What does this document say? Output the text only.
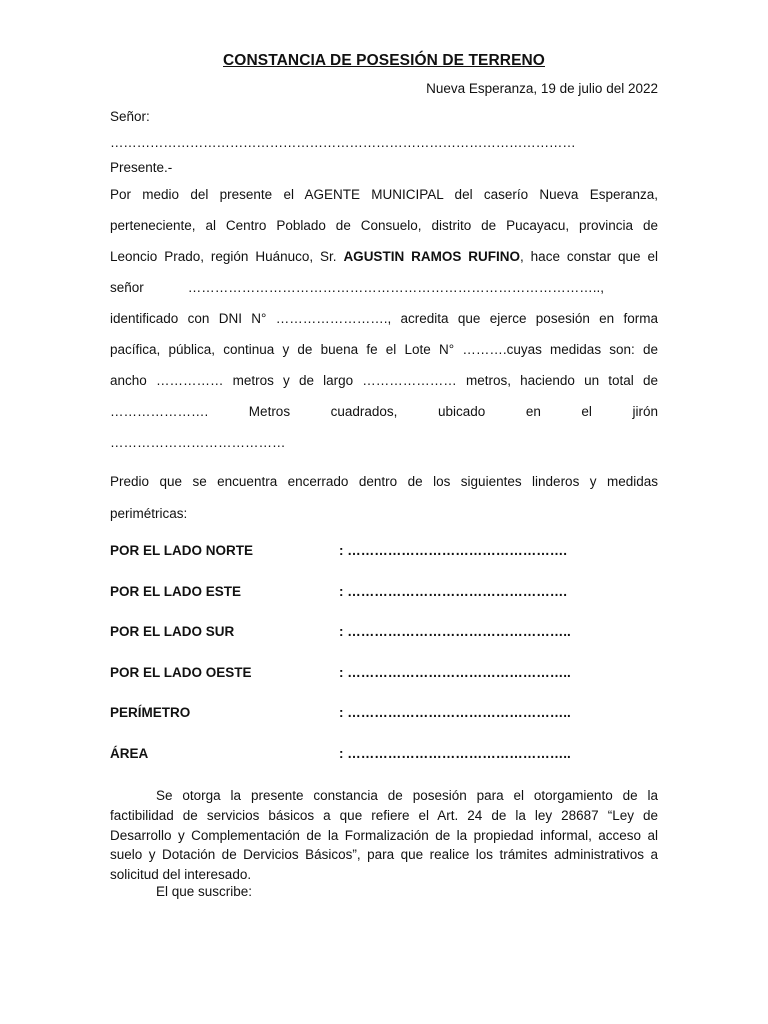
CONSTANCIA DE POSESIÓN DE TERRENO
Nueva Esperanza, 19 de julio del 2022
Señor:
……………………………………………………………………………………………
Presente.-
Por medio del presente el AGENTE MUNICIPAL del caserío Nueva Esperanza,
perteneciente, al Centro Poblado de Consuelo, distrito de Pucayacu, provincia de
Leoncio Prado, región Huánuco, Sr. AGUSTIN RAMOS RUFINO, hace constar que el
señor	………………………………………………………………………………..,
identificado con DNI N° ……………………., acredita que ejerce posesión en forma
pacífica, pública, continua y de buena fe el Lote N° ……….cuyas medidas son: de
ancho …………… metros y de largo ………………… metros, haciendo un total de
…………………. Metros cuadrados, ubicado en el jirón
…………………………………
Predio que se encuentra encerrado dentro de los siguientes linderos y medidas
perimétricas:
POR EL LADO NORTE	: ………………………………………….
POR EL LADO ESTE	: ………………………………………….
POR EL LADO SUR	: …………………………………………..
POR EL LADO OESTE	: …………………………………………..
PERÍMETRO	: …………………………………………..
ÁREA	: …………………………………………..
Se otorga la presente constancia de posesión para el otorgamiento de la
factibilidad de servicios básicos a que refiere el Art. 24 de la ley 28687 “Ley de
Desarrollo y Complementación de la Formalización de la propiedad informal, acceso al
suelo y Dotación de Dervicios Básicos”, para que realice los trámites administrativos a
solicitud del interesado.
El que suscribe:
